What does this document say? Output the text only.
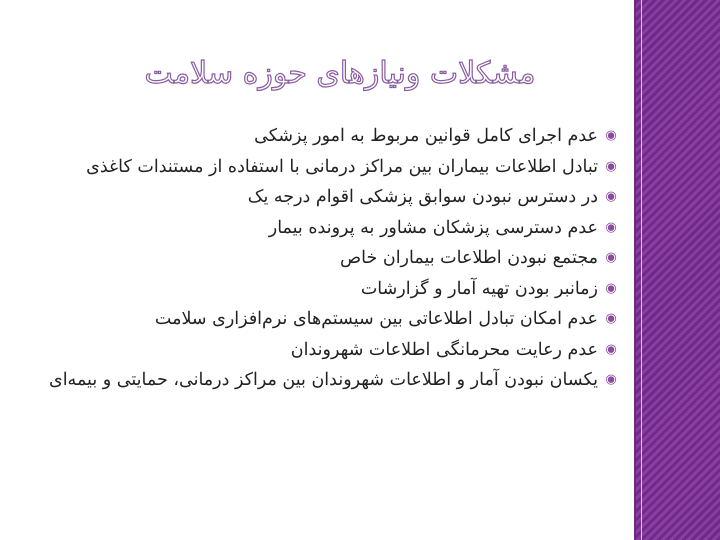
مشکلات ونیازهای حوزه سلامت
◉
عدم اجرای کامل قوانین مربوط به امور پزشکی
◉
تبادل اطلاعات بیماران بین مراکز درمانی با استفاده از مستندات کاغذی
◉
در دسترس نبودن سوابق پزشکی اقوام درجه یک
◉
عدم دسترسی پزشکان مشاور به پرونده بیمار
◉
مجتمع نبودن اطلاعات بیماران خاص
◉
زمانبر بودن تهیه آمار و گزارشات
◉
عدم امکان تبادل اطلاعاتی بین سیستم‌های نرم‌افزاری سلامت
◉
عدم رعایت محرمانگی اطلاعات شهروندان
◉
یکسان نبودن آمار و اطلاعات شهروندان بین مراکز درمانی، حمایتی و بیمه‌ای
